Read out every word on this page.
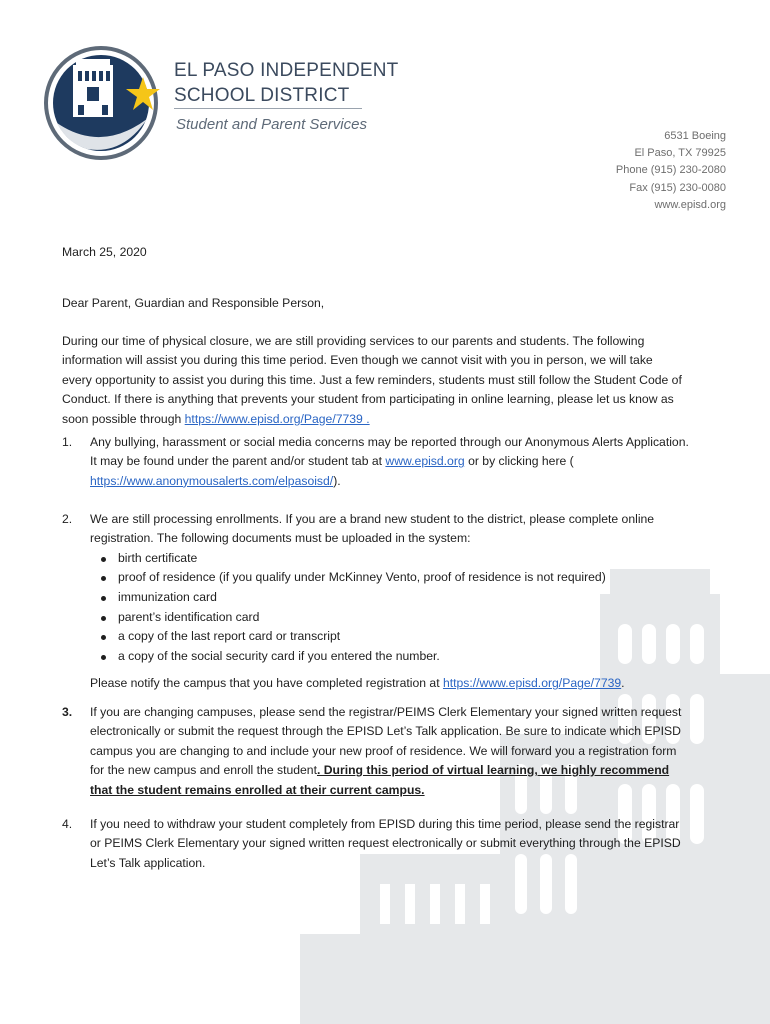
EL PASO INDEPENDENT
SCHOOL DISTRICT
Student and Parent Services
6531 Boeing
El Paso, TX 79925
Phone (915) 230-2080
Fax (915) 230-0080
www.episd.org
March 25, 2020
Dear Parent, Guardian and Responsible Person,
During our time of physical closure, we are still providing services to our parents and students. The following information will assist you during this time period. Even though we cannot visit with you in person, we will take every opportunity to assist you during this time. Just a few reminders, students must still follow the Student Code of Conduct. If there is anything that prevents your student from participating in online learning, please let us know as soon possible through https://www.episd.org/Page/7739 .
1. Any bullying, harassment or social media concerns may be reported through our Anonymous Alerts Application. It may be found under the parent and/or student tab at www.episd.org or by clicking here ( https://www.anonymousalerts.com/elpasoisd/).
2. We are still processing enrollments. If you are a brand new student to the district, please complete online registration. The following documents must be uploaded in the system:
birth certificate
proof of residence (if you qualify under McKinney Vento, proof of residence is not required)
immunization card
parent’s identification card
a copy of the last report card or transcript
a copy of the social security card if you entered the number.
Please notify the campus that you have completed registration at https://www.episd.org/Page/7739.
3. If you are changing campuses, please send the registrar/PEIMS Clerk Elementary your signed written request electronically or submit the request through the EPISD Let’s Talk application. Be sure to indicate which EPISD campus you are changing to and include your new proof of residence. We will forward you a registration form for the new campus and enroll the student. During this period of virtual learning, we highly recommend that the student remains enrolled at their current campus.
4. If you need to withdraw your student completely from EPISD during this time period, please send the registrar or PEIMS Clerk Elementary your signed written request electronically or submit everything through the EPISD Let’s Talk application.
